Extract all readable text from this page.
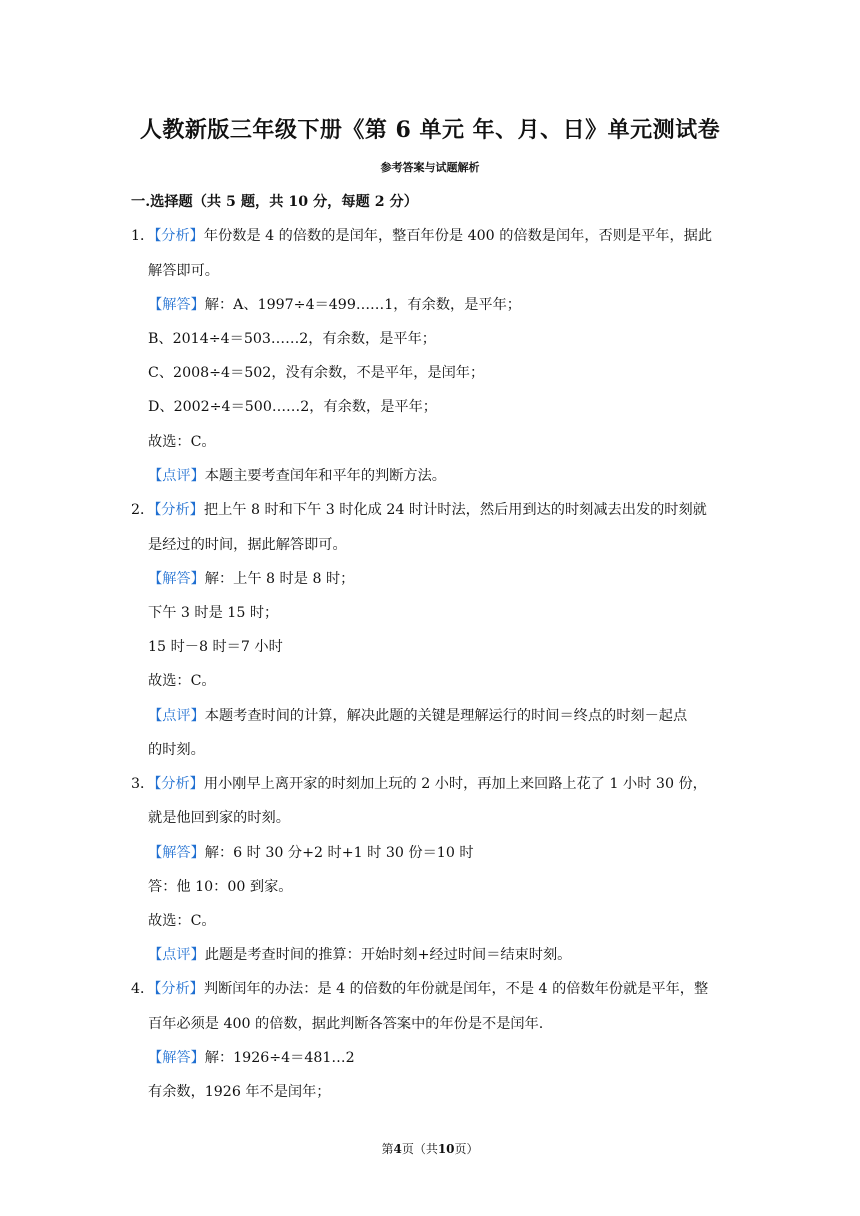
人教新版三年级下册《第 6 单元 年、月、日》单元测试卷
参考答案与试题解析
一.选择题（共 5 题，共 10 分，每题 2 分）
1．【分析】年份数是 4 的倍数的是闰年，整百年份是 400 的倍数是闰年，否则是平年，据此
解答即可。
【解答】解：A、1997÷4＝499……1，有余数，是平年；
B、2014÷4＝503……2，有余数，是平年；
C、2008÷4＝502，没有余数，不是平年，是闰年；
D、2002÷4＝500……2，有余数，是平年；
故选：C。
【点评】本题主要考查闰年和平年的判断方法。
2．【分析】把上午 8 时和下午 3 时化成 24 时计时法，然后用到达的时刻减去出发的时刻就
是经过的时间，据此解答即可。
【解答】解：上午 8 时是 8 时；
下午 3 时是 15 时；
15 时－8 时＝7 小时
故选：C。
【点评】本题考查时间的计算，解决此题的关键是理解运行的时间＝终点的时刻－起点
的时刻。
3．【分析】用小刚早上离开家的时刻加上玩的 2 小时，再加上来回路上花了 1 小时 30 份，
就是他回到家的时刻。
【解答】解：6 时 30 分+2 时+1 时 30 份＝10 时
答：他 10：00 到家。
故选：C。
【点评】此题是考查时间的推算：开始时刻+经过时间＝结束时刻。
4．【分析】判断闰年的办法：是 4 的倍数的年份就是闰年，不是 4 的倍数年份就是平年，整
百年必须是 400 的倍数，据此判断各答案中的年份是不是闰年.
【解答】解：1926÷4＝481…2
有余数，1926 年不是闰年；
第4页（共10页）
